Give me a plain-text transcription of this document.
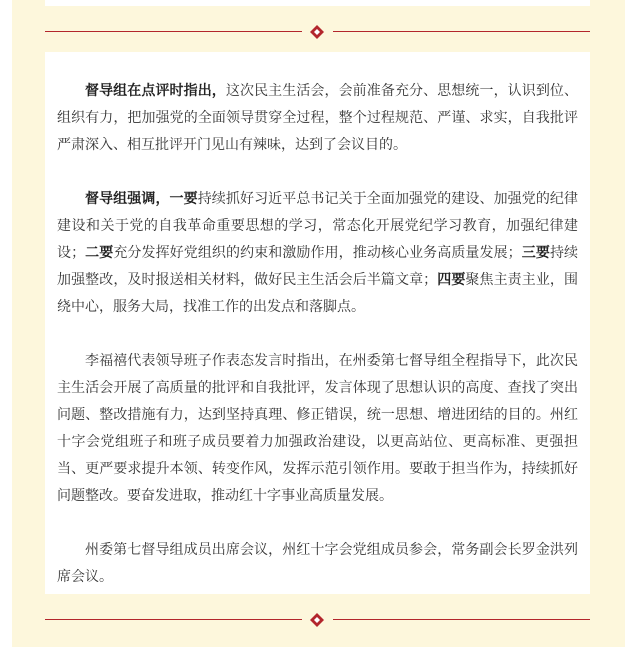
督导组在点评时指出，这次民主生活会，会前准备充分、思想统一，认识到位、组织有力，把加强党的全面领导贯穿全过程，整个过程规范、严谨、求实，自我批评严肃深入、相互批评开门见山有辣味，达到了会议目的。

督导组强调，一要持续抓好习近平总书记关于全面加强党的建设、加强党的纪律建设和关于党的自我革命重要思想的学习，常态化开展党纪学习教育，加强纪律建设；二要充分发挥好党组织的约束和激励作用，推动核心业务高质量发展；三要持续加强整改，及时报送相关材料，做好民主生活会后半篇文章；四要聚焦主责主业，围绕中心，服务大局，找准工作的出发点和落脚点。

李福禧代表领导班子作表态发言时指出，在州委第七督导组全程指导下，此次民主生活会开展了高质量的批评和自我批评，发言体现了思想认识的高度、查找了突出问题、整改措施有力，达到坚持真理、修正错误，统一思想、增进团结的目的。州红十字会党组班子和班子成员要着力加强政治建设，以更高站位、更高标准、更强担当、更严要求提升本领、转变作风，发挥示范引领作用。要敢于担当作为，持续抓好问题整改。要奋发进取，推动红十字事业高质量发展。

州委第七督导组成员出席会议，州红十字会党组成员参会，常务副会长罗金洪列席会议。
